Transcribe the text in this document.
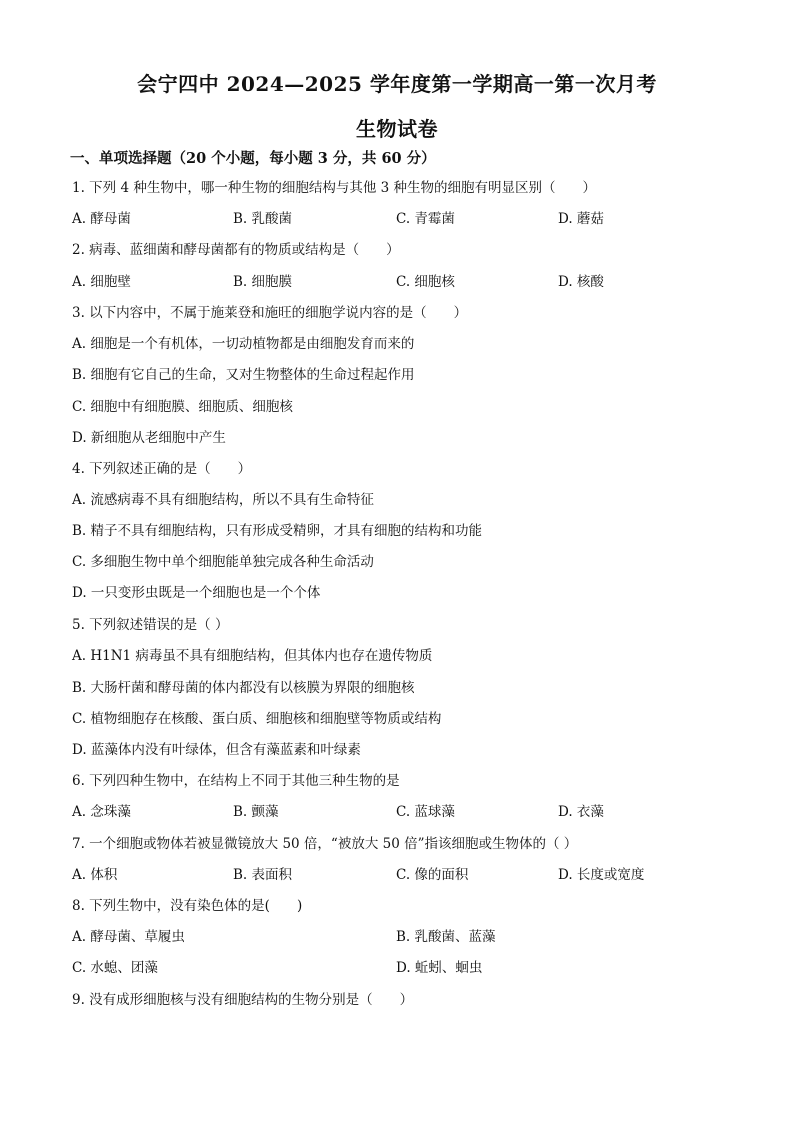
会宁四中 2024—2025 学年度第一学期高一第一次月考
生物试卷
一、单项选择题（20 个小题，每小题 3 分，共 60 分）
1. 下列 4 种生物中，哪一种生物的细胞结构与其他 3 种生物的细胞有明显区别（　　）
A. 酵母菌	B. 乳酸菌	C. 青霉菌	D. 蘑菇
2. 病毒、蓝细菌和酵母菌都有的物质或结构是（　　）
A. 细胞壁	B. 细胞膜	C. 细胞核	D. 核酸
3. 以下内容中，不属于施莱登和施旺的细胞学说内容的是（　　）
A. 细胞是一个有机体，一切动植物都是由细胞发育而来的
B. 细胞有它自己的生命，又对生物整体的生命过程起作用
C. 细胞中有细胞膜、细胞质、细胞核
D. 新细胞从老细胞中产生
4. 下列叙述正确的是（　　）
A. 流感病毒不具有细胞结构，所以不具有生命特征
B. 精子不具有细胞结构，只有形成受精卵，才具有细胞的结构和功能
C. 多细胞生物中单个细胞能单独完成各种生命活动
D. 一只变形虫既是一个细胞也是一个个体
5. 下列叙述错误的是（ ）
A. H1N1 病毒虽不具有细胞结构，但其体内也存在遗传物质
B. 大肠杆菌和酵母菌的体内都没有以核膜为界限的细胞核
C. 植物细胞存在核酸、蛋白质、细胞核和细胞壁等物质或结构
D. 蓝藻体内没有叶绿体，但含有藻蓝素和叶绿素
6. 下列四种生物中，在结构上不同于其他三种生物的是
A. 念珠藻	B. 颤藻	C. 蓝球藻	D. 衣藻
7. 一个细胞或物体若被显微镜放大 50 倍，“被放大 50 倍”指该细胞或生物体的（ ）
A. 体积	B. 表面积	C. 像的面积	D. 长度或宽度
8. 下列生物中，没有染色体的是(　　)
A. 酵母菌、草履虫	B. 乳酸菌、蓝藻
C. 水螅、团藻	D. 蚯蚓、蛔虫
9. 没有成形细胞核与没有细胞结构的生物分别是（　　）
